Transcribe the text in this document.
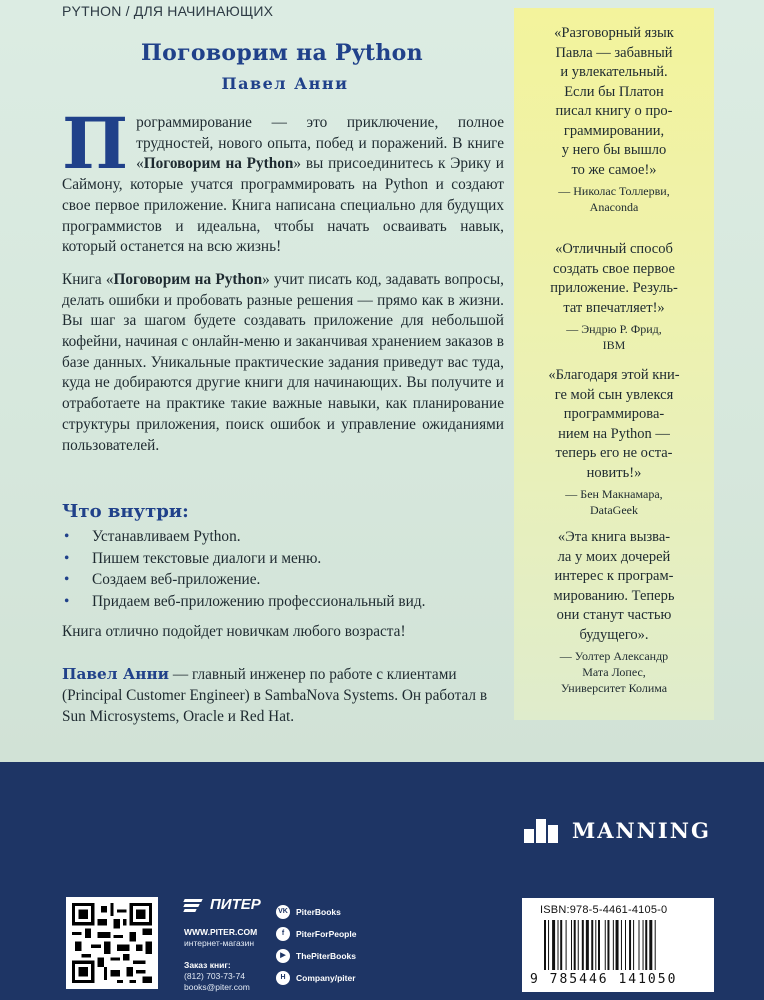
PYTHON / ДЛЯ НАЧИНАЮЩИХ
Поговорим на Python
Павел Анни

Программирование — это приключение, полное трудностей, нового опыта, побед и поражений. В книге «Поговорим на Python» вы присоединитесь к Эрику и Саймону, которые учатся программировать на Python и создают свое первое приложение. Книга написана специально для будущих программистов и идеальна, чтобы начать осваивать навык, который останется на всю жизнь!

Книга «Поговорим на Python» учит писать код, задавать вопросы, делать ошибки и пробовать разные решения — прямо как в жизни. Вы шаг за шагом будете создавать приложение для небольшой кофейни, начиная с онлайн-меню и заканчивая хранением заказов в базе данных. Уникальные практические задания приведут вас туда, куда не добираются другие книги для начинающих. Вы получите и отработаете на практике такие важные навыки, как планирование структуры приложения, поиск ошибок и управление ожиданиями пользователей.

Что внутри:
• Устанавливаем Python.
• Пишем текстовые диалоги и меню.
• Создаем веб-приложение.
• Придаем веб-приложению профессиональный вид.
Книга отлично подойдет новичкам любого возраста!
Павел Анни — главный инженер по работе с клиентами (Principal Customer Engineer) в SambaNova Systems. Он работал в Sun Microsystems, Oracle и Red Hat.
«Разговорный язык
Павла — забавный
и увлекательный.
Если бы Платон
писал книгу о про-
граммировании,
у него бы вышло
то же самое!»
— Николас Толлерви,
Anaconda
«Отличный способ
создать свое первое
приложение. Резуль-
тат впечатляет!»
— Эндрю Р. Фрид,
IBM
«Благодаря этой кни-
ге мой сын увлекся
программирова-
нием на Python —
теперь его не оста-
новить!»
— Бен Макнамара,
DataGeek
«Эта книга вызва-
ла у моих дочерей
интерес к програм-
мированию. Теперь
они станут частью
будущего».
— Уолтер Александр
Мата Лопес,
Университет Колима
MANNING
ПИТЕР
WWW.PITER.COM
интернет-магазин
Заказ книг:
(812) 703-73-74
books@piter.com
VK PiterBooks
f	PiterForPeople
▶	ThePiterBooks
H	Company/piter
ISBN:978-5-4461-4105-0
9 785446 141050
